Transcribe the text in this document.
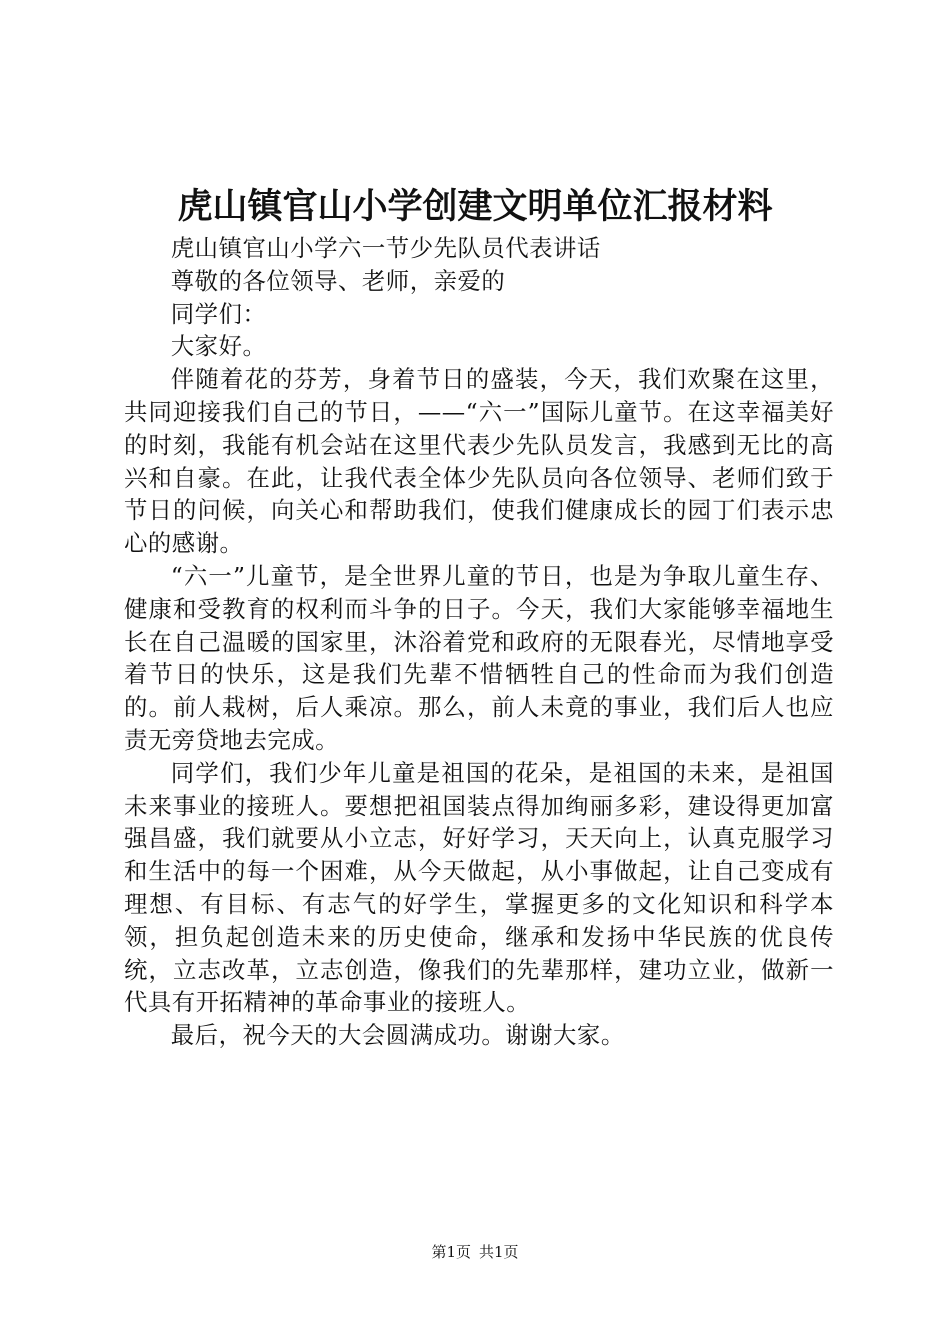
虎山镇官山小学创建文明单位汇报材料

虎山镇官山小学六一节少先队员代表讲话

尊敬的各位领导、老师，亲爱的

同学们：

大家好。

伴随着花的芬芳，身着节日的盛装，今天，我们欢聚在这里，共同迎接我们自己的节日，——“六一”国际儿童节。在这幸福美好的时刻，我能有机会站在这里代表少先队员发言，我感到无比的高兴和自豪。在此，让我代表全体少先队员向各位领导、老师们致于节日的问候，向关心和帮助我们，使我们健康成长的园丁们表示忠心的感谢。

“六一”儿童节，是全世界儿童的节日，也是为争取儿童生存、健康和受教育的权利而斗争的日子。今天，我们大家能够幸福地生长在自己温暖的国家里，沐浴着党和政府的无限春光，尽情地享受着节日的快乐，这是我们先辈不惜牺牲自己的性命而为我们创造的。前人栽树，后人乘凉。那么，前人未竟的事业，我们后人也应责无旁贷地去完成。

同学们，我们少年儿童是祖国的花朵，是祖国的未来，是祖国未来事业的接班人。要想把祖国装点得加绚丽多彩，建设得更加富强昌盛，我们就要从小立志，好好学习，天天向上，认真克服学习和生活中的每一个困难，从今天做起，从小事做起，让自己变成有理想、有目标、有志气的好学生，掌握更多的文化知识和科学本领，担负起创造未来的历史使命，继承和发扬中华民族的优良传统，立志改革，立志创造，像我们的先辈那样，建功立业，做新一代具有开拓精神的革命事业的接班人。

最后，祝今天的大会圆满成功。谢谢大家。

第1页 共1页
